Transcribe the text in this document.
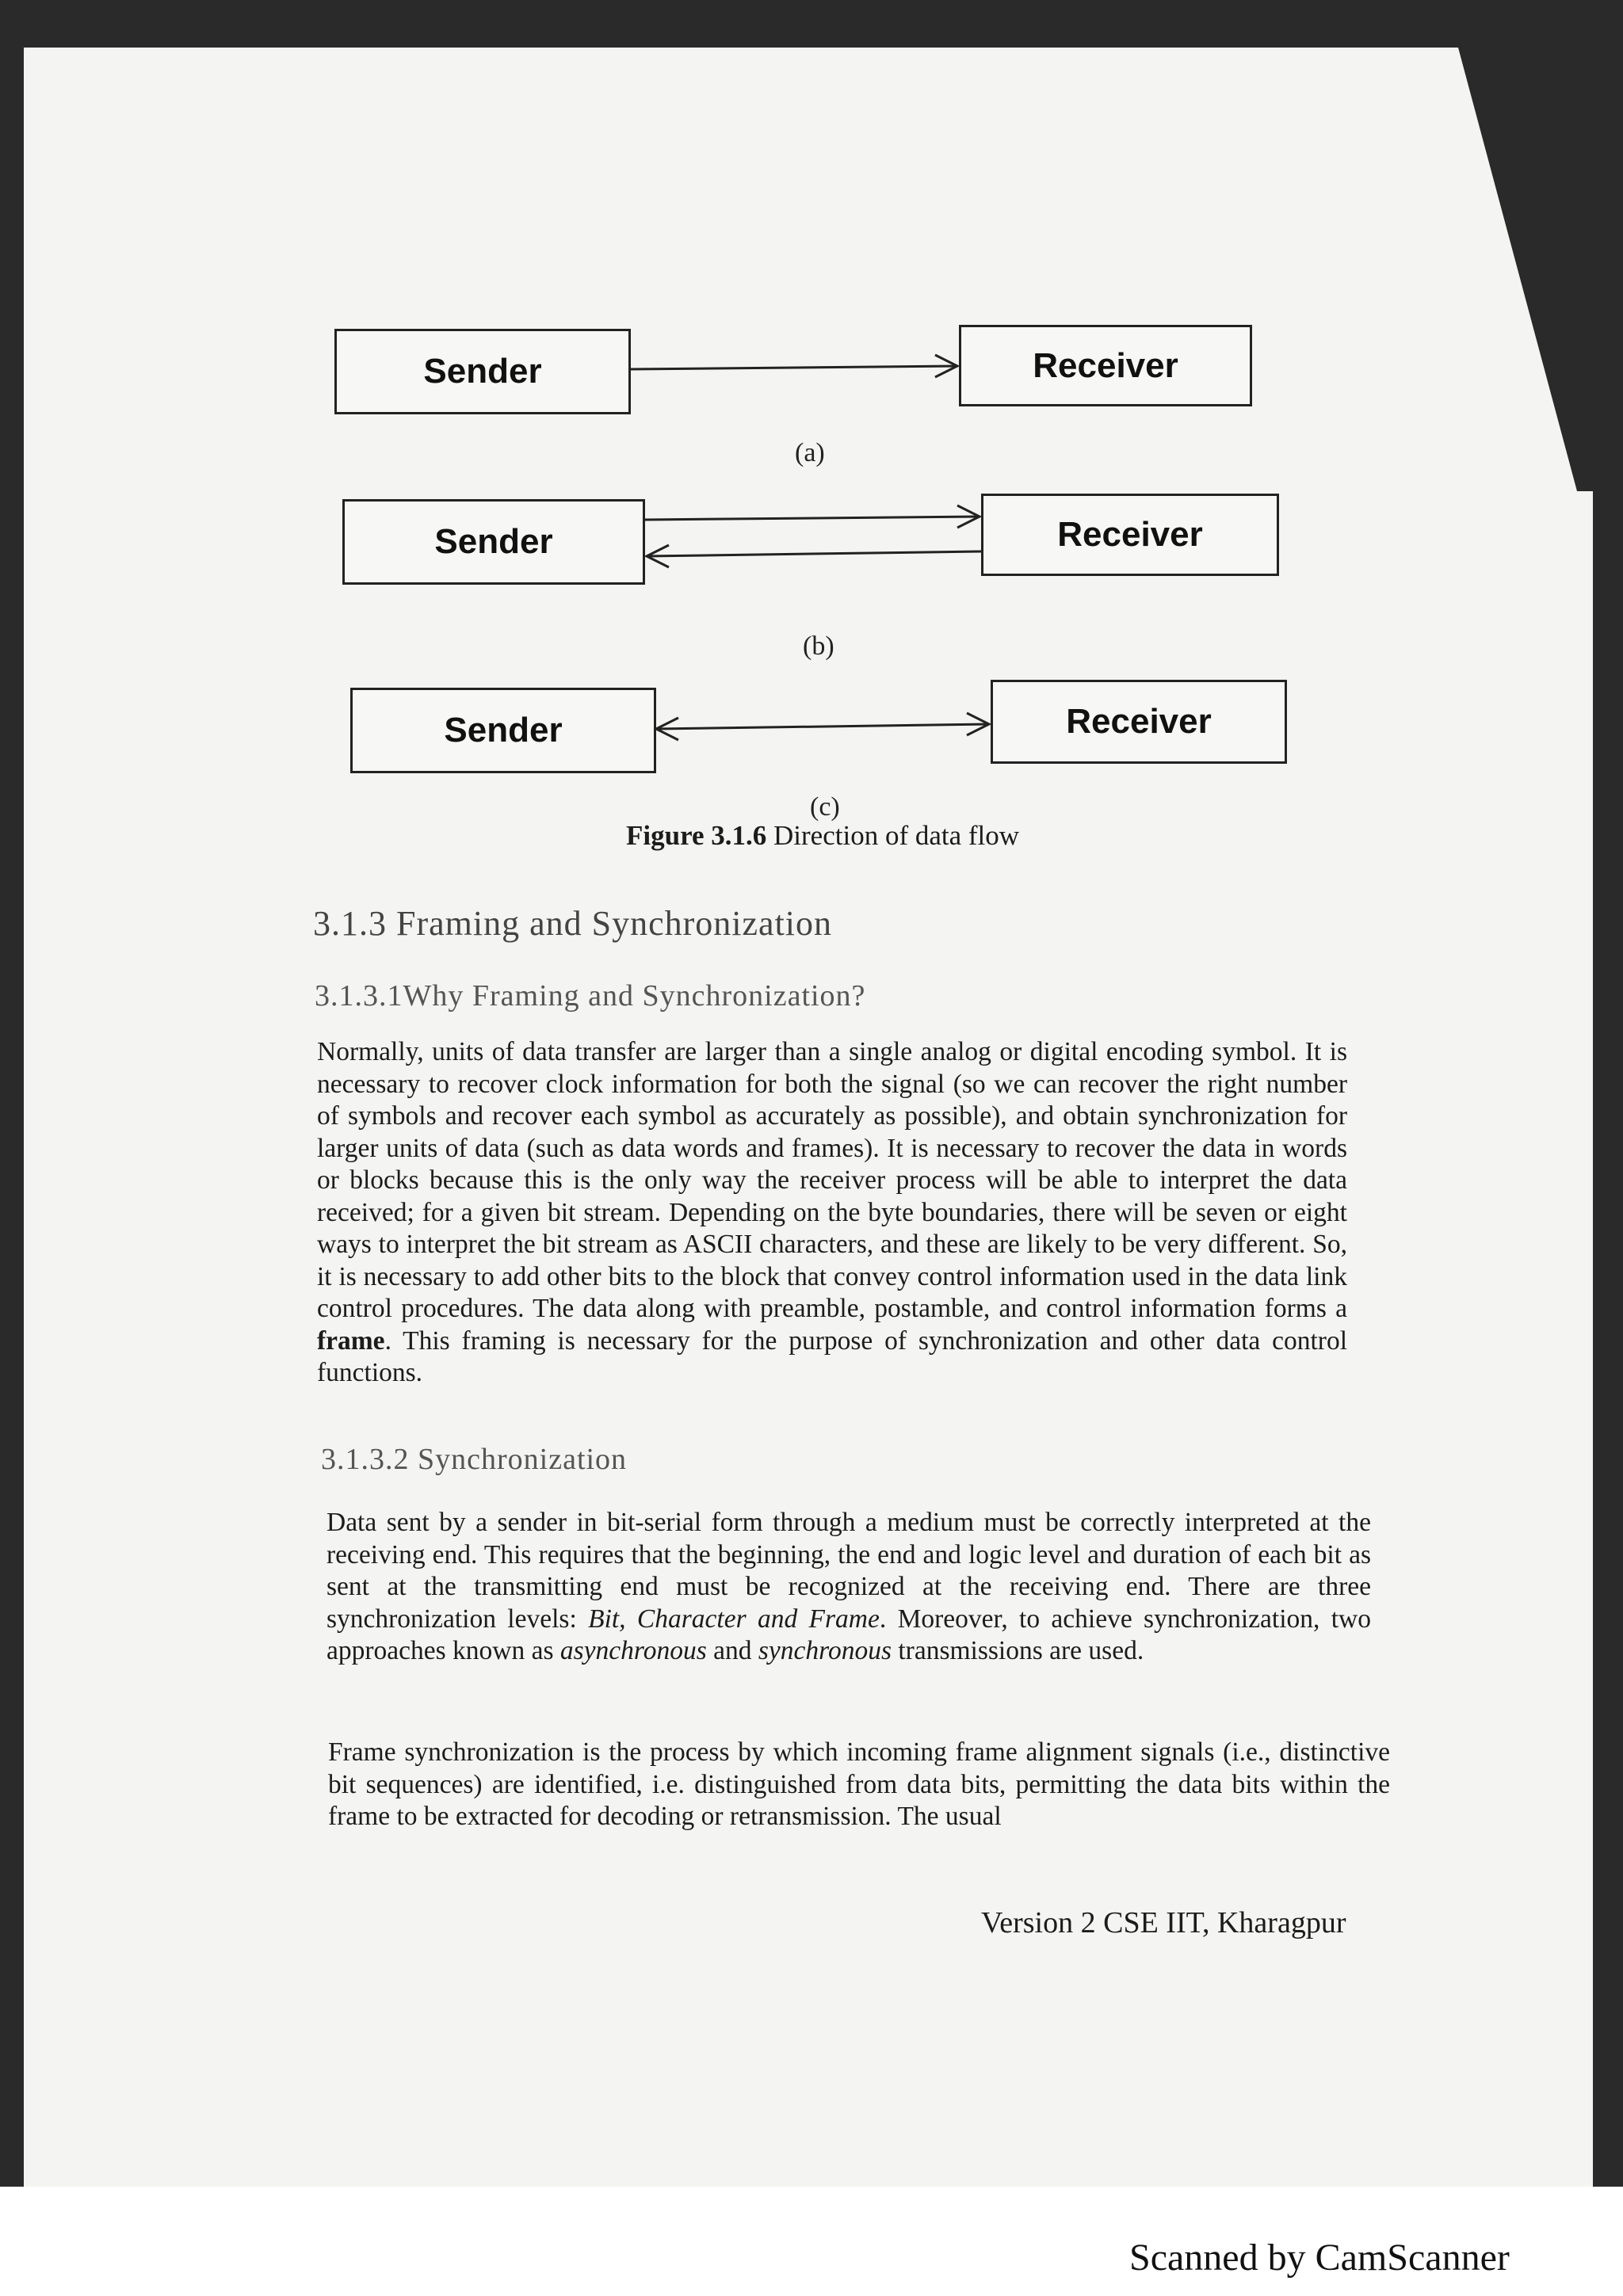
Sender	Receiver
(a)
Sender	Receiver
(b)
Sender	Receiver
(c)
Figure 3.1.6 Direction of data flow
3.1.3 Framing and Synchronization
3.1.3.1Why Framing and Synchronization?

Normally, units of data transfer are larger than a single analog or digital encoding symbol. It is necessary to recover clock information for both the signal (so we can recover the right number of symbols and recover each symbol as accurately as possible), and obtain synchronization for larger units of data (such as data words and frames). It is necessary to recover the data in words or blocks because this is the only way the receiver process will be able to interpret the data received; for a given bit stream. Depending on the byte boundaries, there will be seven or eight ways to interpret the bit stream as ASCII characters, and these are likely to be very different. So, it is necessary to add other bits to the block that convey control information used in the data link control procedures. The data along with preamble, postamble, and control information forms a frame. This framing is necessary for the purpose of synchronization and other data control functions.

3.1.3.2 Synchronization

Data sent by a sender in bit-serial form through a medium must be correctly interpreted at the receiving end. This requires that the beginning, the end and logic level and duration of each bit as sent at the transmitting end must be recognized at the receiving end. There are three synchronization levels: Bit, Character and Frame. Moreover, to achieve synchronization, two approaches known as asynchronous and synchronous transmissions are used.

Frame synchronization is the process by which incoming frame alignment signals (i.e., distinctive bit sequences) are identified, i.e. distinguished from data bits, permitting the data bits within the frame to be extracted for decoding or retransmission. The usual

Version 2 CSE IIT, Kharagpur
Scanned by CamScanner
